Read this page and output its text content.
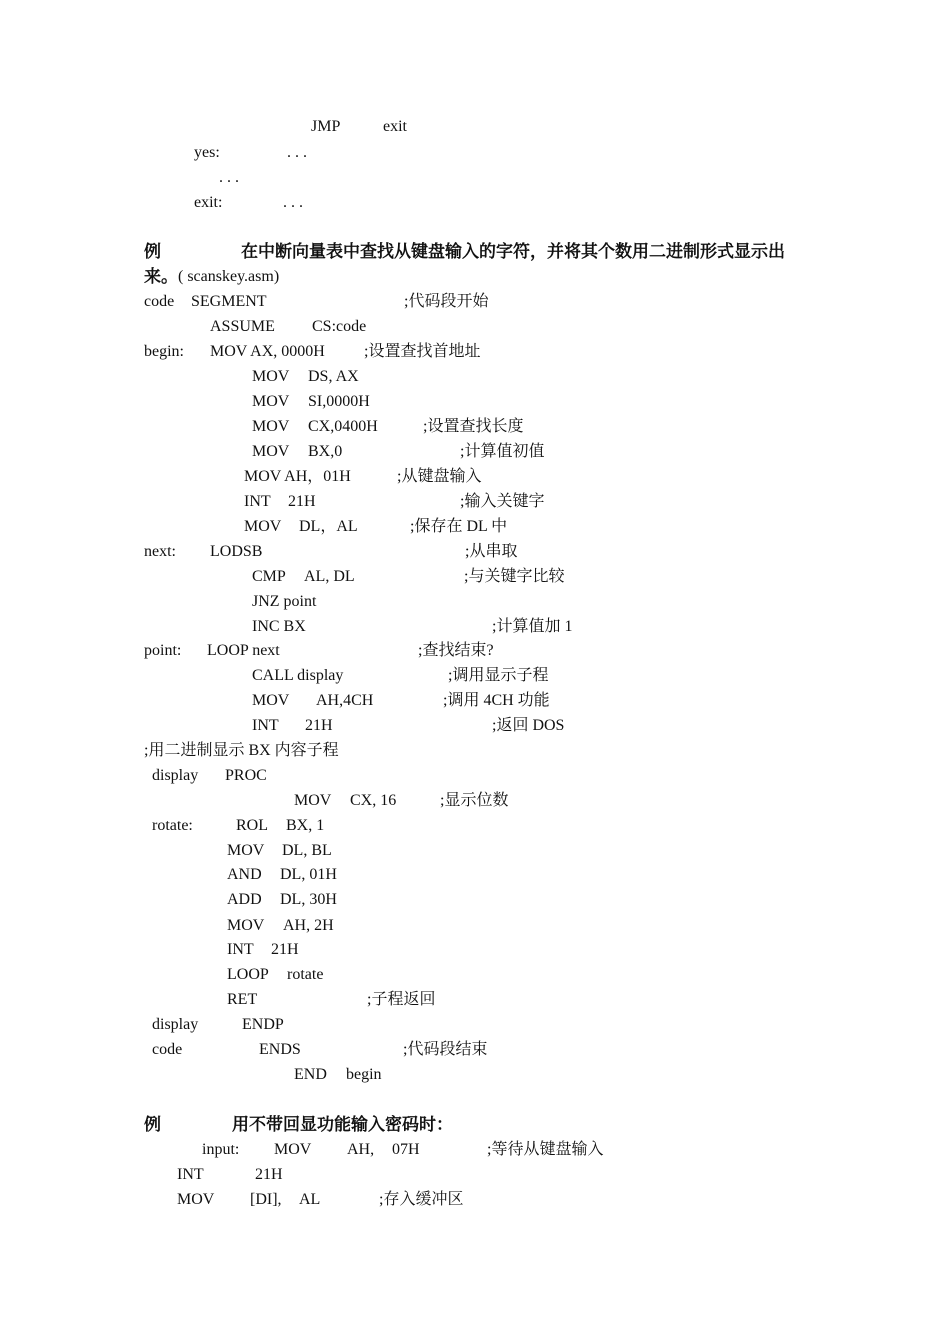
JMP	exit
yes:	. . .
. . .
exit:	. . .
例	在中断向量表中查找从键盘输入的字符，并将其个数用二进制形式显示出
来。 ( scanskey.asm)
code SEGMENT	;代码段开始
ASSUME CS:code
begin: MOV AX, 0000H ;设置查找首地址
MOV DS, AX
MOV SI,0000H
MOV CX,0400H	;设置查找长度
MOV BX,0	;计算值初值
MOV AH，01H	;从键盘输入
INT 21H	;输入关键字
MOV DL，AL	;保存在 DL 中
next: LODSB	;从串取
CMP AL, DL	;与关键字比较
JNZ point
INC BX	;计算值加 1
point: LOOP next	;查找结束?
CALL display	;调用显示子程
MOV AH,4CH	;调用 4CH 功能
INT 21H	;返回 DOS
;用二进制显示 BX 内容子程
display PROC
MOV CX, 16	;显示位数
rotate:	ROL BX, 1
MOV DL, BL
AND DL, 01H
ADD DL, 30H
MOV AH, 2H
INT 21H
LOOP rotate
RET	;子程返回
display	ENDP
code	ENDS	;代码段结束
END begin
例	用不带回显功能输入密码时：
input: MOV AH, 07H	;等待从键盘输入
INT	21H
MOV [DI], AL	;存入缓冲区
